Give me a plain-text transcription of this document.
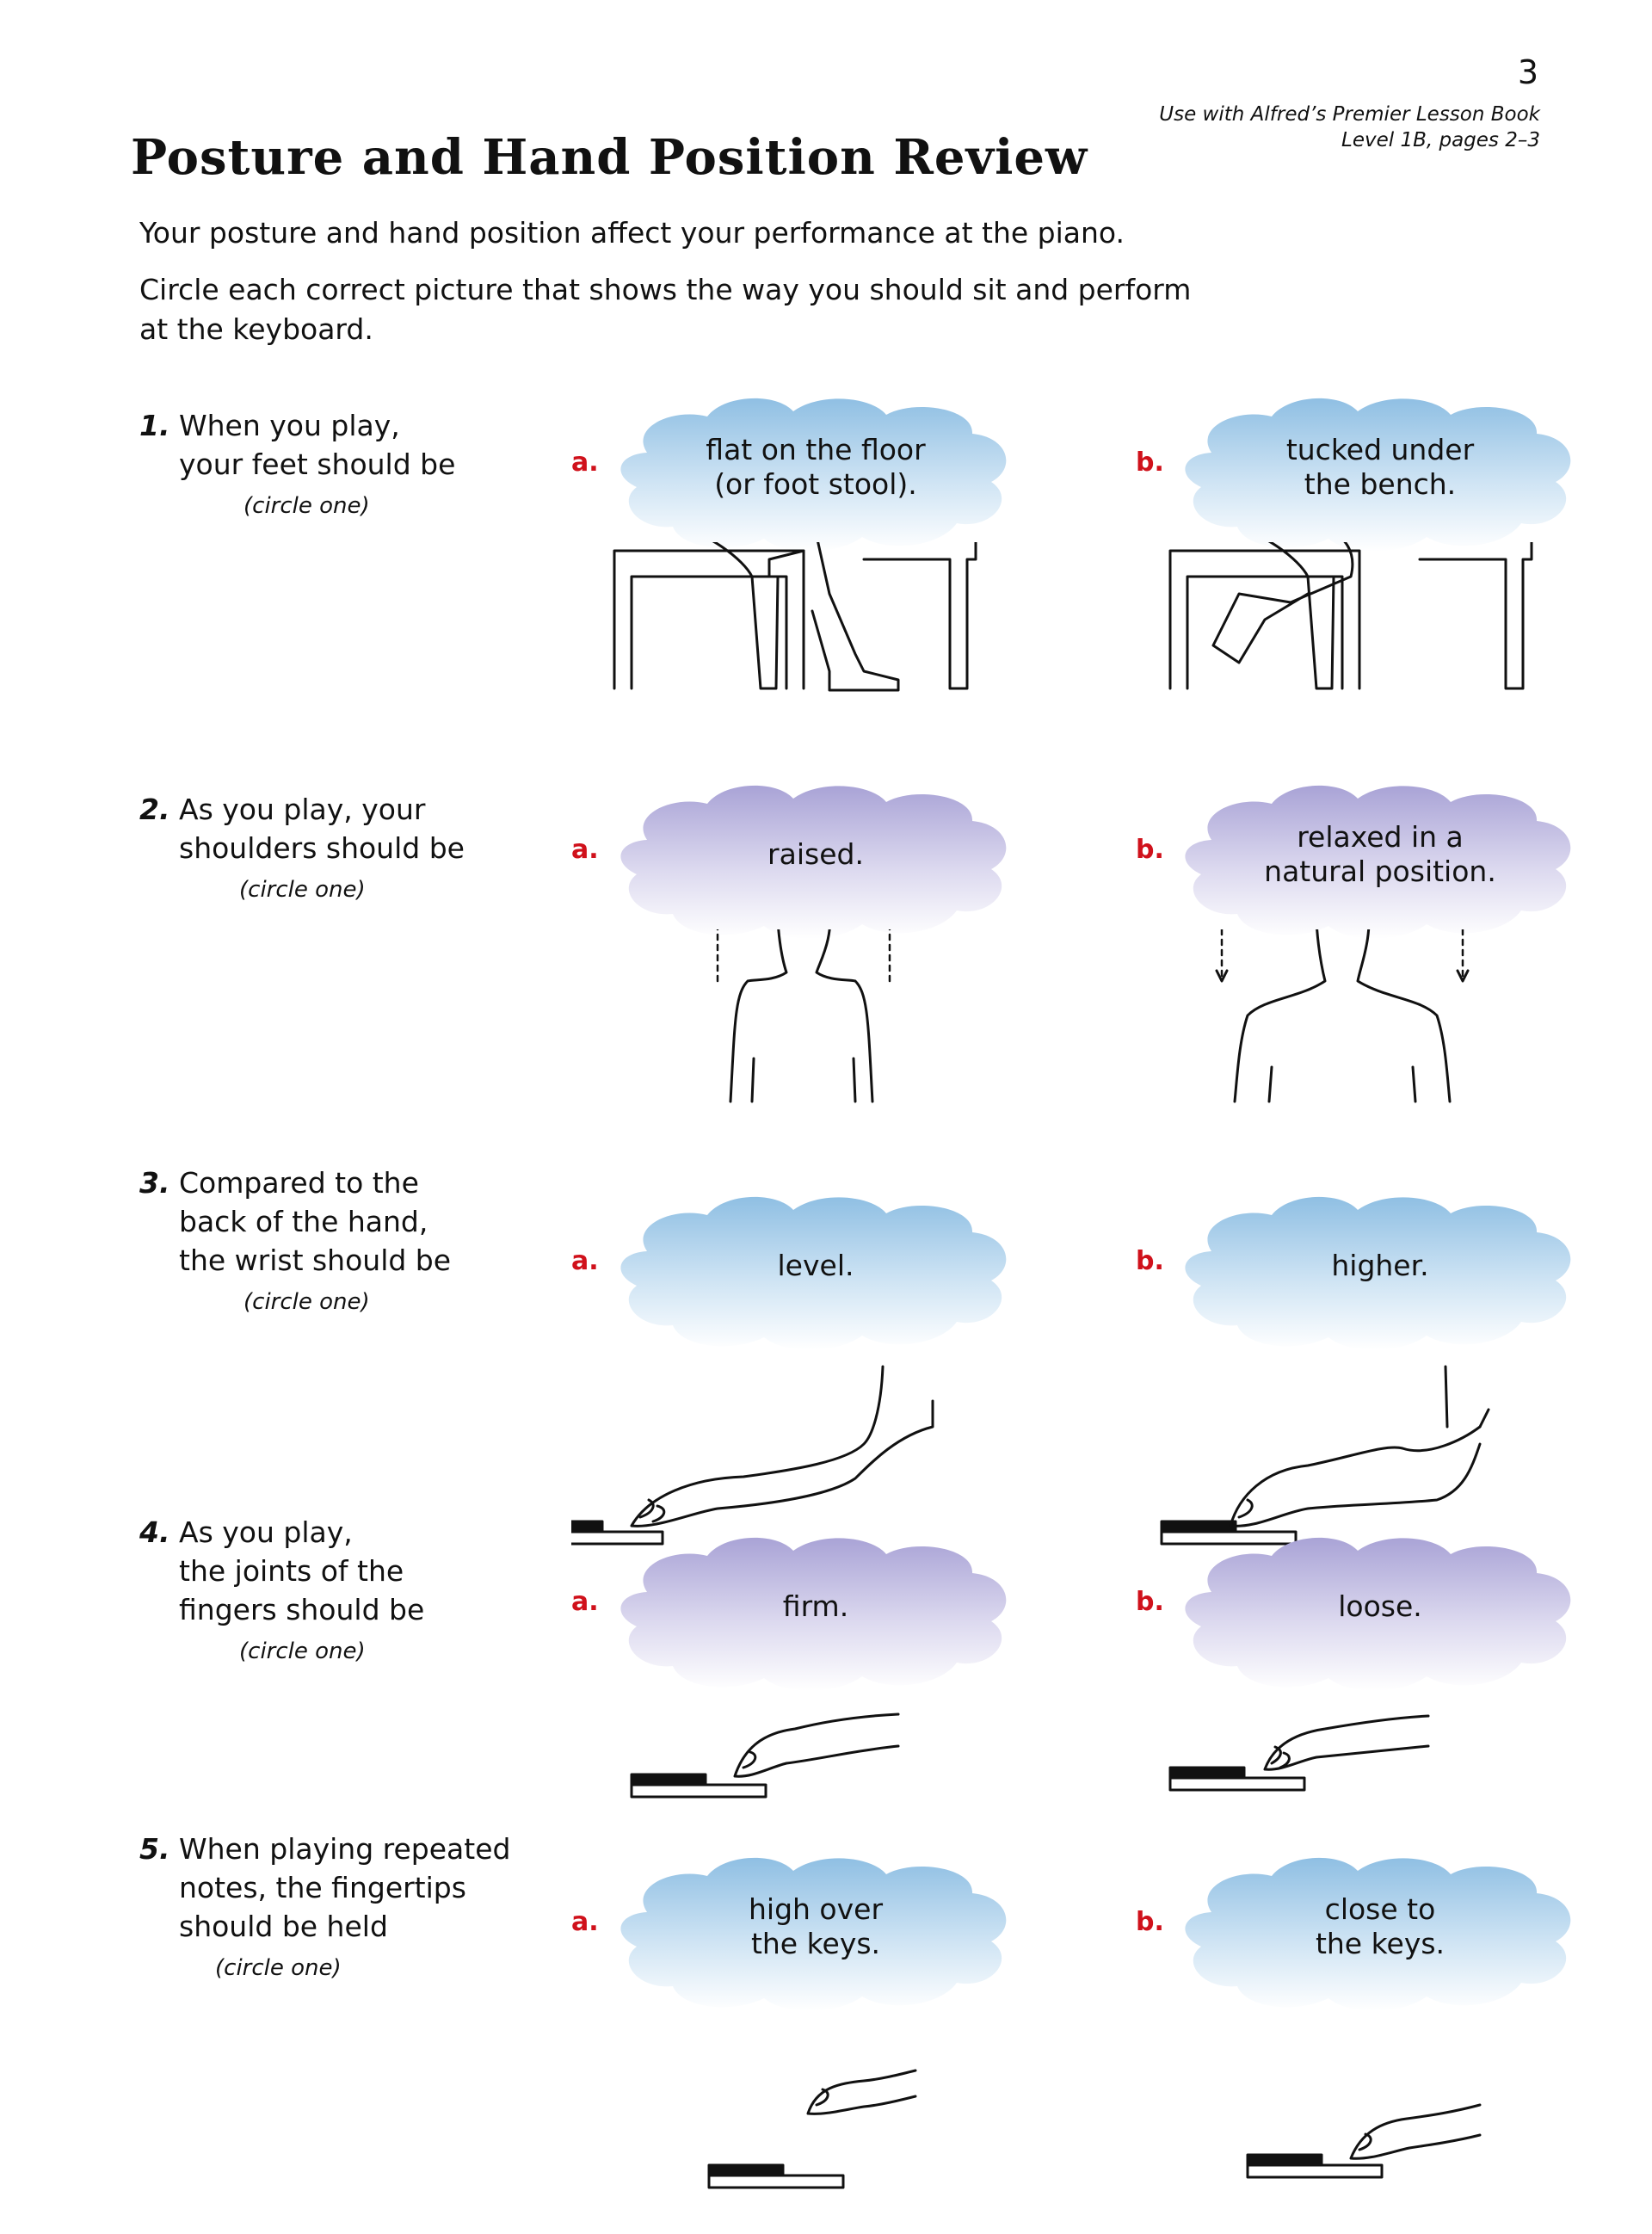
3
Use with Alfred’s Premier Lesson Book
Level 1B, pages 2–3
Posture and Hand Position Review

Your posture and hand position affect your performance at the piano.

Circle each correct picture that shows the way you should sit and perform at the keyboard.

1. When you play,
your feet should be
(circle one)
a.	flat on the floor
(or foot stool).
b.	tucked under
the bench.
2. As you play, your
shoulders should be
(circle one)
a.	raised.	b.	relaxed in a
natural position.
3. Compared to the
back of the hand,
the wrist should be
(circle one)
a.	level.	b.	higher.
4. As you play,
the joints of the
fingers should be
(circle one)
a.	firm.	b.	loose.
5. When playing repeated
notes, the fingertips
should be held
(circle one)
a.	high over
the keys.
b.	close to
the keys.
